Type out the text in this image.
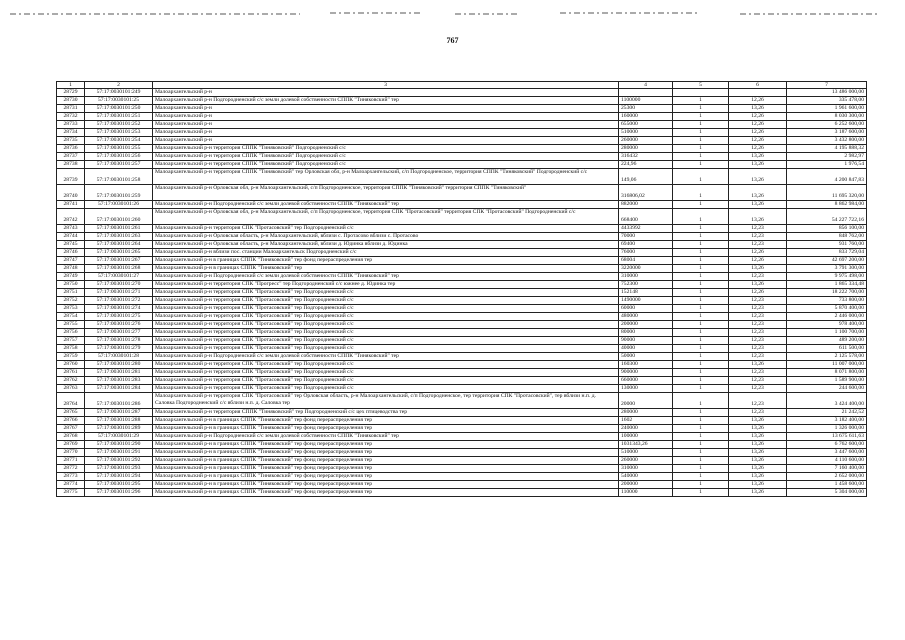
767
1	2	3	4	5	6	7
28729	57:17:0030101:249	Малоархангельский р-н				13 486 000,00
28730	57:17:0030101:25	Малоархангельский р-н Подгородненский с/с земли долевой собственности СППК "Тиняковский" тер	1100000	1	12,26	335 478,00
28731	57:17:0030101:250	Малоархангельский р-н	25300	1	13,26	1 961 600,00
28732	57:17:0030101:251	Малоархангельский р-н	160000	1	12,26	8 030 300,00
28733	57:17:0030101:252	Малоархангельский р-н	655000	1	12,26	6 252 600,00
28734	57:17:0030101:253	Малоархангельский р-н	510000	1	12,26	3 187 600,00
28735	57:17:0030101:254	Малоархангельский р-н	260000	1	12,26	3 432 800,00
28736	57:17:0030101:255	Малоархангельский р-н территория СППК "Тиняковский" Подгородненский с/с	280000	1	12,26	4 195 888,32
28737	57:17:0030101:256	Малоархангельский р-н территория СППК "Тиняковский" Подгородненский с/с	316432	1	13,26	2 982,97
28738	57:17:0030101:257	Малоархангельский р-н территория СППК "Тиняковский" Подгородненский с/с	224,96	1	13,26	1 976,54
28739	57:17:0030101:258	Малоархангельский р-н территория СППК "Тиняковский" тер Орловская обл, р-н Малоархангельский, с/п Подгородненское, территория СППК "Тиняковский" Подгородненский с/с	149,06	1	13,26	4 200 847,83
28740	57:17:0030101:259	Малоархангельский р-н Орловская обл, р-н Малоархангельский, с/п Подгородненское, территория СППК "Тиняковский" территория СППК "Тиняковский"	316806,02	1	13,26	11 695 320,00
28741	57:17:0030101:26	Малоархангельский р-н Подгородненский с/с земли долевой собственности СППК "Тиняковский" тер	882000	1	13,26	8 862 984,00
28742	57:17:0030101:260	Малоархангельский р-н Орловская обл, р-н Малоархангельский, с/п Подгородненское, территория СПК "Протасовский" территория СПК "Протасовский" Подгородненский с/с	668400	1	13,26	54 227 722,16
28743	57:17:0030101:261	Малоархангельский р-н территория СПК "Протасовский" тер Подгородненский с/с	4433992	1	12,23	856 100,00
28744	57:17:0030101:263	Малоархангельский р-н Орловская область, р-н Малоархангельский, вблизи с. Протасово вблизи с. Протасово	70000	1	12,23	848 762,00
28745	57:17:0030101:264	Малоархангельский р-н Орловская область, р-н Малоархангельский, вблизи д. Юдинка вблизи д. Юдинка	69400	1	12,23	931 760,00
28746	57:17:0030101:265	Малоархангельский р-н вблизи пос. станции Малоархангельск Подгородненский с/с	76000	1	12,26	833 729,04
28747	57:17:0030101:267	Малоархангельский р-н в границах СППК "Тиняковский" тер фонд перераспределения тер	68004	1	12,26	42 697 200,00
28748	57:17:0030101:268	Малоархангельский р-н в границах СППК "Тиняковский" тер	3220000	1	13,26	3 791 300,00
28749	57:17:0030101:27	Малоархангельский р-н Подгородненский с/с земли долевой собственности СППК "Тиняковский" тер	310000	1	12,23	9 975 498,00
28750	57:17:0030101:270	Малоархангельский р-н территория СПК "Прогресс" тер Подгородненский с/с южнее д. Юдинка тер	752300	1	13,26	1 865 334,48
28751	57:17:0030101:271	Малоархангельский р-н территория СПК "Протасовский" тер Подгородненский с/с	152148	1	12,26	18 222 700,00
28752	57:17:0030101:272	Малоархангельский р-н территория СПК "Протасовский" тер Подгородненский с/с	1490000	1	12,23	733 800,00
28753	57:17:0030101:274	Малоархангельский р-н территория СПК "Протасовский" тер Подгородненский с/с	60000	1	12,23	5 870 400,00
28754	57:17:0030101:275	Малоархангельский р-н территория СПК "Протасовский" тер Подгородненский с/с	480000	1	12,23	2 446 000,00
28755	57:17:0030101:276	Малоархангельский р-н территория СПК "Протасовский" тер Подгородненский с/с	200000	1	12,23	978 400,00
28756	57:17:0030101:277	Малоархангельский р-н территория СПК "Протасовский" тер Подгородненский с/с	80000	1	12,23	1 100 700,00
28757	57:17:0030101:278	Малоархангельский р-н территория СПК "Протасовский" тер Подгородненский с/с	90000	1	12,23	489 200,00
28758	57:17:0030101:279	Малоархангельский р-н территория СПК "Протасовский" тер Подгородненский с/с	40000	1	12,23	611 500,00
28759	57:17:0030101:28	Малоархангельский р-н Подгородненский с/с земли долевой собственности СППК "Тиняковский" тер	50000	1	12,23	2 125 578,00
28760	57:17:0030101:280	Малоархангельский р-н территория СПК "Протасовский" тер Подгородненский с/с	160300	1	13,26	11 007 000,00
28761	57:17:0030101:281	Малоархангельский р-н территория СПК "Протасовский" тер Подгородненский с/с	900000	1	12,23	8 071 800,00
28762	57:17:0030101:283	Малоархангельский р-н территория СПК "Протасовский" тер Подгородненский с/с	660000	1	12,23	1 589 900,00
28763	57:17:0030101:284	Малоархангельский р-н территория СПК "Протасовский" тер Подгородненский с/с	130000	1	12,23	244 600,00
28764	57:17:0030101:286	Малоархангельский р-н территория СПК "Протасовский" тер Орловская область, р-н Малоархангельский, с/п Подгородненское, тер территория СПК "Протасовский", тер вблизи н.п. д. Саловка Подгородненский с/с вблизи н.п. д. Саловка тер	20000	1	12,23	3 424 400,00
28765	57:17:0030101:287	Малоархангельский р-н территория СППК "Тиняковский" тер Подгородненский с/с цех птицеводства тер	280000	1	12,23	21 242,52
28766	57:17:0030101:288	Малоархангельский р-н в границах СППК "Тиняковский" тер фонд перераспределения тер	1602	1	13,26	3 182 400,00
28767	57:17:0030101:289	Малоархангельский р-н в границах СППК "Тиняковский" тер фонд перераспределения тер	240000	1	13,26	1 326 000,00
28768	57:17:0030101:29	Малоархангельский р-н Подгородненский с/с земли долевой собственности СППК "Тиняковский" тер	100000	1	13,26	13 675 611,63
28769	57:17:0030101:290	Малоархангельский р-н в границах СППК "Тиняковский" тер фонд перераспределения тер	1031343,26	1	13,26	6 762 600,00
28770	57:17:0030101:291	Малоархангельский р-н в границах СППК "Тиняковский" тер фонд перераспределения тер	510000	1	13,26	3 447 600,00
28771	57:17:0030101:292	Малоархангельский р-н в границах СППК "Тиняковский" тер фонд перераспределения тер	260000	1	13,26	4 110 600,00
28772	57:17:0030101:293	Малоархангельский р-н в границах СППК "Тиняковский" тер фонд перераспределения тер	310000	1	13,26	7 160 400,00
28773	57:17:0030101:294	Малоархангельский р-н в границах СППК "Тиняковский" тер фонд перераспределения тер	540000	1	13,26	2 652 000,00
28774	57:17:0030101:295	Малоархангельский р-н в границах СППК "Тиняковский" тер фонд перераспределения тер	200000	1	13,26	1 458 600,00
28775	57:17:0030101:296	Малоархангельский р-н в границах СППК "Тиняковский" тер фонд перераспределения тер	110000	1	13,26	5 304 000,00
